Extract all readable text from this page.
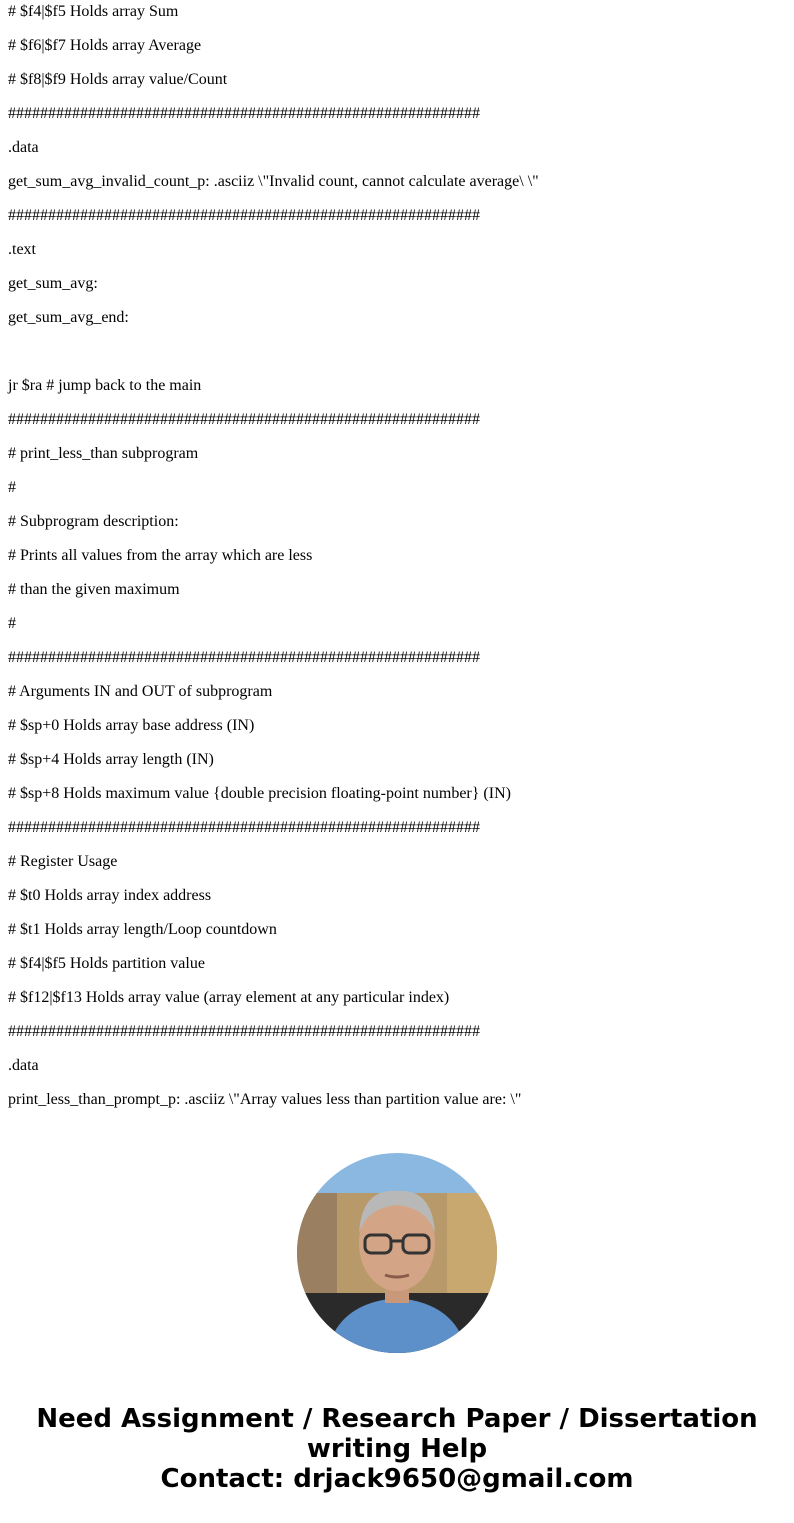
# $f4|$f5 Holds array Sum
# $f6|$f7 Holds array Average
# $f8|$f9 Holds array value/Count
###########################################################
.data
get_sum_avg_invalid_count_p: .asciiz \"Invalid count, cannot calculate average\ \"
###########################################################
.text
get_sum_avg:
get_sum_avg_end:
jr $ra # jump back to the main
###########################################################
# print_less_than subprogram
#
# Subprogram description:
# Prints all values from the array which are less
# than the given maximum
#
###########################################################
# Arguments IN and OUT of subprogram
# $sp+0 Holds array base address (IN)
# $sp+4 Holds array length (IN)
# $sp+8 Holds maximum value {double precision floating-point number} (IN)
###########################################################
# Register Usage
# $t0 Holds array index address
# $t1 Holds array length/Loop countdown
# $f4|$f5 Holds partition value
# $f12|$f13 Holds array value (array element at any particular index)
###########################################################
.data
print_less_than_prompt_p: .asciiz \"Array values less than partition value are: \"
Need Assignment / Research Paper / Dissertation
writing Help
Contact: drjack9650@gmail.com
